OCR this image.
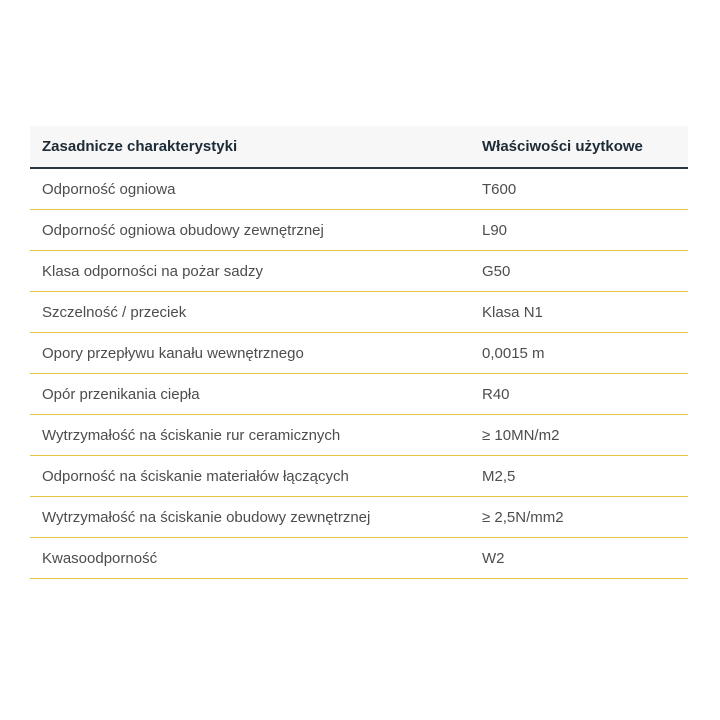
Zasadnicze charakterystyki	Właściwości użytkowe
Odporność ogniowa	T600
Odporność ogniowa obudowy zewnętrznej	L90
Klasa odporności na pożar sadzy	G50
Szczelność / przeciek	Klasa N1
Opory przepływu kanału wewnętrznego	0,0015 m
Opór przenikania ciepła	R40
Wytrzymałość na ściskanie rur ceramicznych	≥ 10MN/m2
Odporność na ściskanie materiałów łączących	M2,5
Wytrzymałość na ściskanie obudowy zewnętrznej	≥ 2,5N/mm2
Kwasoodporność	W2
